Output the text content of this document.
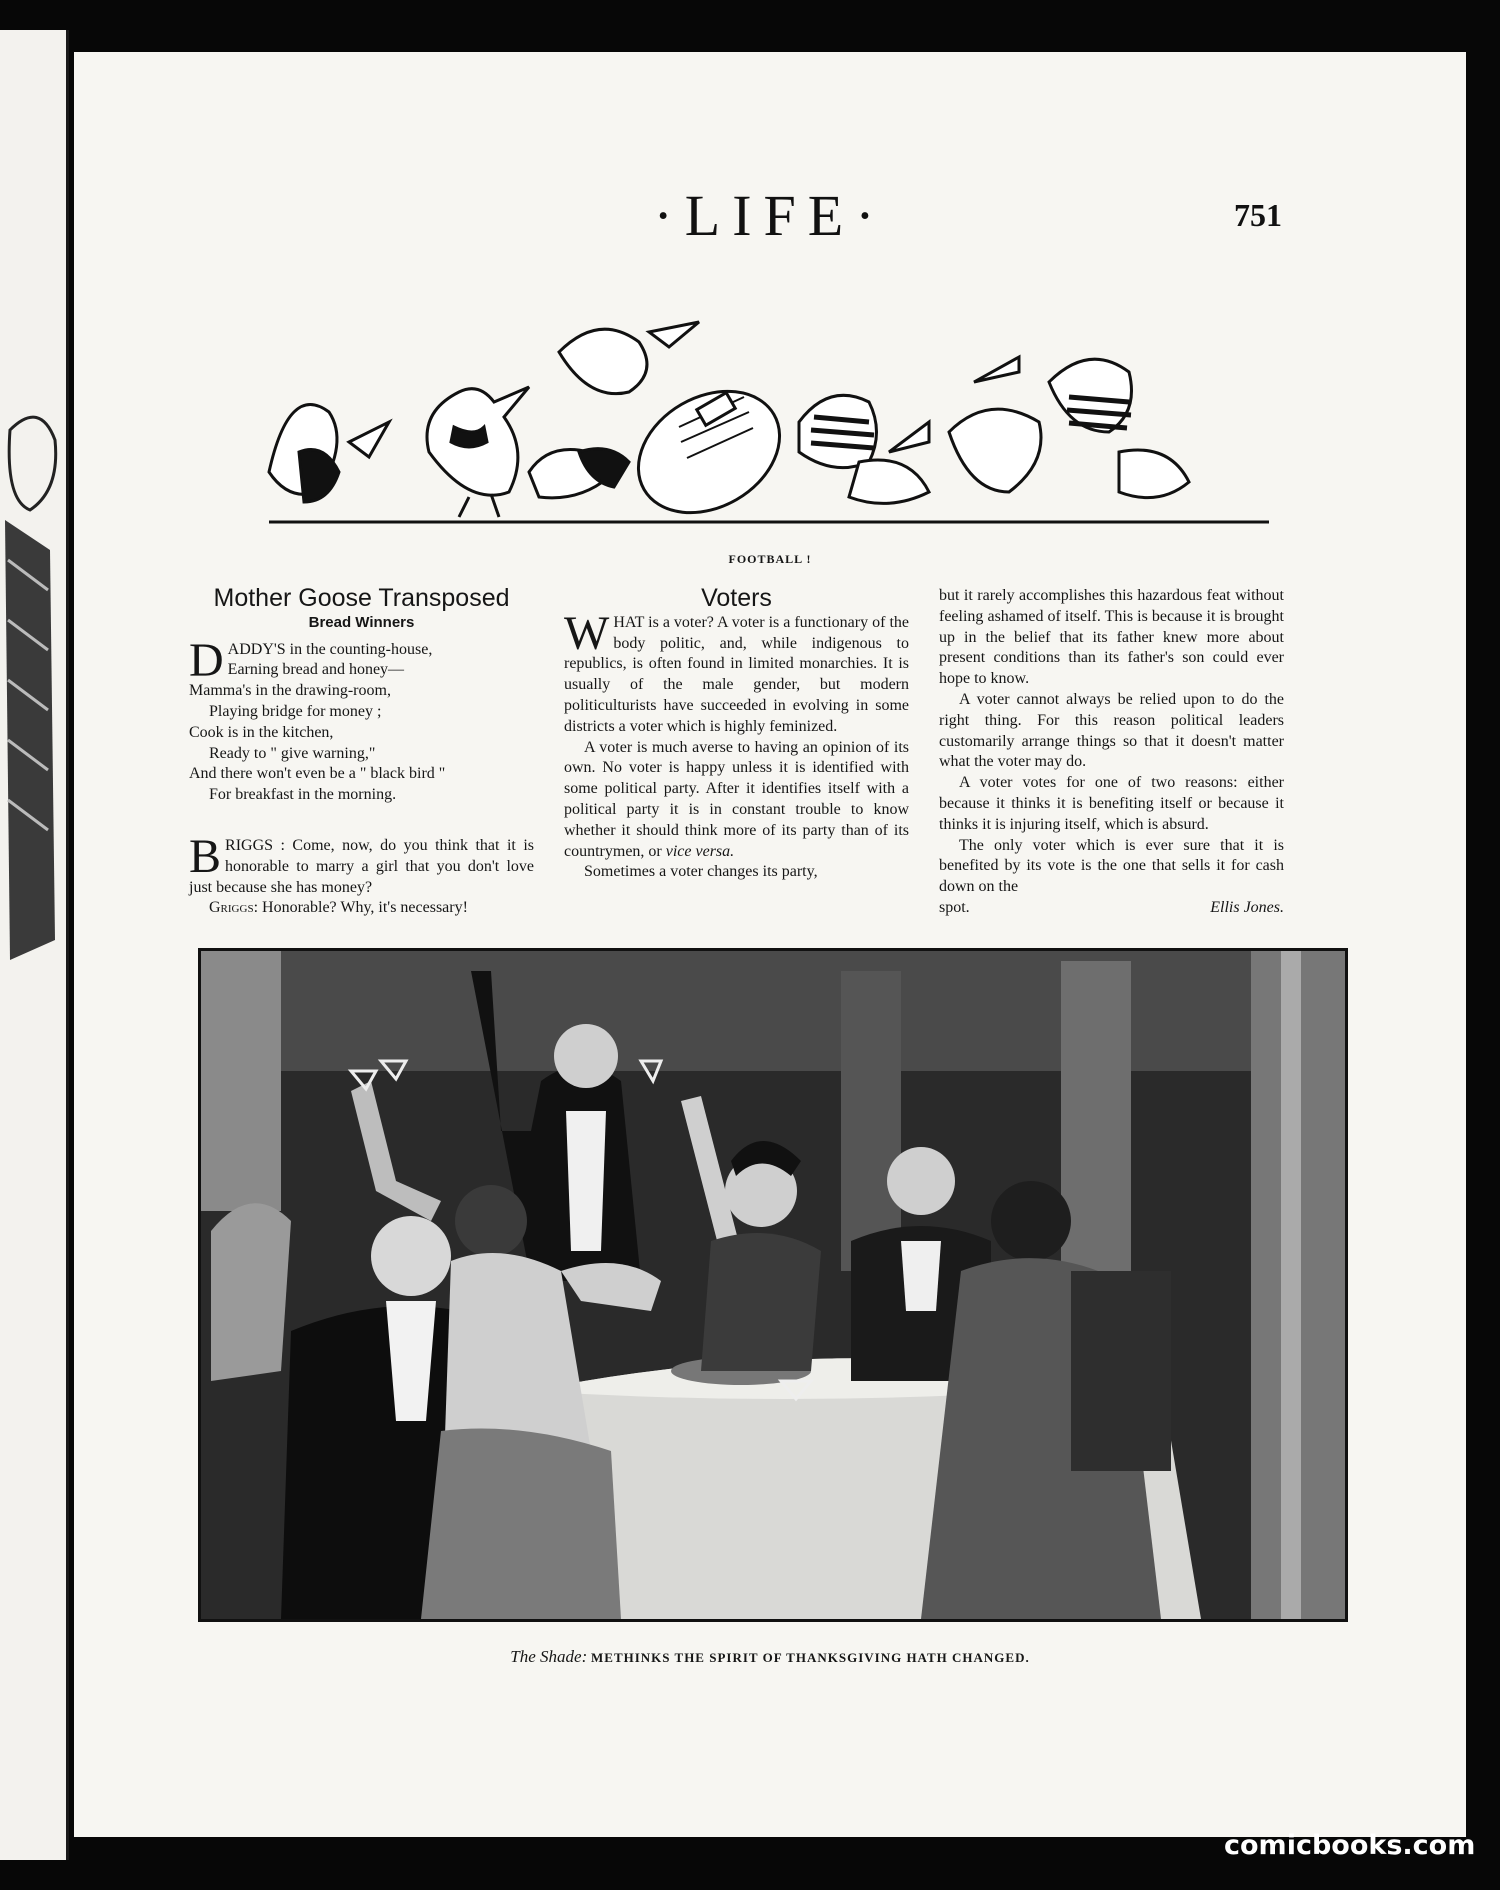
·LIFE·	751
FOOTBALL !
Mother Goose Transposed
Bread Winners
D ADDY'S in the counting-house,

Earning bread and honey—

Mamma's in the drawing-room,

Playing bridge for money ;

Cook is in the kitchen,

Ready to " give warning,"

And there won't even be a " black bird "

For breakfast in the morning.

B RIGGS : Come, now, do you think that it is honorable to marry a girl that you don't love just because she has money?

Griggs: Honorable? Why, it's necessary!

Voters
W HAT is a voter? A voter is a functionary of the body politic, and, while indigenous to republics, is often found in limited monarchies. It is usually of the male gender, but modern politiculturists have succeeded in evolving in some districts a voter which is highly feminized.

A voter is much averse to having an opinion of its own. No voter is happy unless it is identified with some political party. After it identifies itself with a political party it is in constant trouble to know whether it should think more of its party than of its countrymen, or vice versa.

Sometimes a voter changes its party,

but it rarely accomplishes this hazardous feat without feeling ashamed of itself. This is because it is brought up in the belief that its father knew more about present conditions than its father's son could ever hope to know.

A voter cannot always be relied upon to do the right thing. For this reason political leaders customarily arrange things so that it doesn't matter what the voter may do.

A voter votes for one of two reasons: either because it thinks it is benefiting itself or because it thinks it is injuring itself, which is absurd.

The only voter which is ever sure that it is benefited by its vote is the one that sells it for cash down on the

spot.	Ellis Jones.
The Shade: METHINKS THE SPIRIT OF THANKSGIVING HATH CHANGED.
comicbooks.com
